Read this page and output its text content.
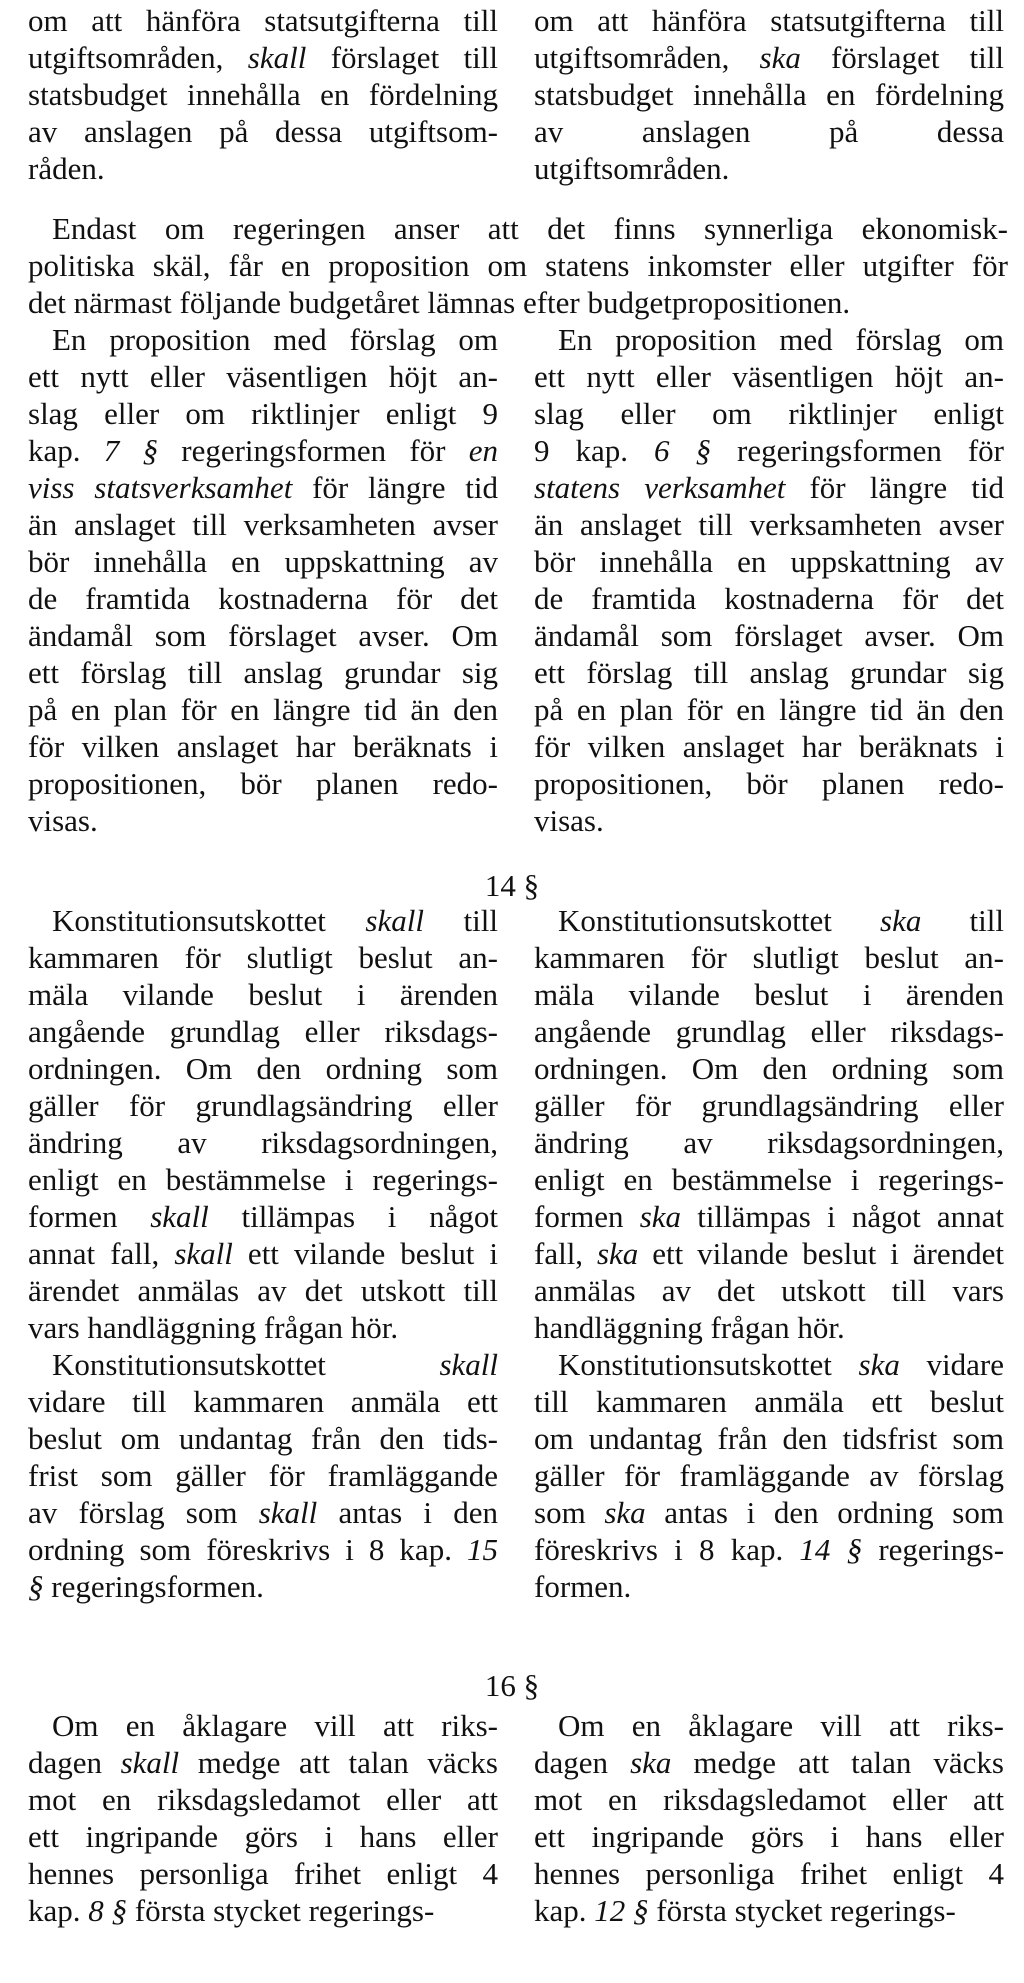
om att hänföra statsutgifterna till

utgiftsområden, skall förslaget till

statsbudget innehålla en fördelning

av anslagen på dessa utgiftsom-

råden.

om att hänföra statsutgifterna till

utgiftsområden, ska förslaget till

statsbudget innehålla en fördelning

av anslagen på dessa

utgiftsområden.

Endast om regeringen anser att det finns synnerliga ekonomisk-

politiska skäl, får en proposition om statens inkomster eller utgifter för

det närmast följande budgetåret lämnas efter budgetpropositionen.

En proposition med förslag om

ett nytt eller väsentligen höjt an-

slag eller om riktlinjer enligt 9

kap. 7 § regeringsformen för en

viss statsverksamhet för längre tid

än anslaget till verksamheten avser

bör innehålla en uppskattning av

de framtida kostnaderna för det

ändamål som förslaget avser. Om

ett förslag till anslag grundar sig

på en plan för en längre tid än den

för vilken anslaget har beräknats i

propositionen, bör planen redo-

visas.

En proposition med förslag om

ett nytt eller väsentligen höjt an-

slag eller om riktlinjer enligt

9 kap. 6 § regeringsformen för

statens verksamhet för längre tid

än anslaget till verksamheten avser

bör innehålla en uppskattning av

de framtida kostnaderna för det

ändamål som förslaget avser. Om

ett förslag till anslag grundar sig

på en plan för en längre tid än den

för vilken anslaget har beräknats i

propositionen, bör planen redo-

visas.

14 §

Konstitutionsutskottet skall till

kammaren för slutligt beslut an-

mäla vilande beslut i ärenden

angående grundlag eller riksdags-

ordningen. Om den ordning som

gäller för grundlagsändring eller

ändring av riksdagsordningen,

enligt en bestämmelse i regerings-

formen skall tillämpas i något

annat fall, skall ett vilande beslut i

ärendet anmälas av det utskott till

vars handläggning frågan hör.

Konstitutionsutskottet skall

vidare till kammaren anmäla ett

beslut om undantag från den tids-

frist som gäller för framläggande

av förslag som skall antas i den

ordning som föreskrivs i 8 kap. 15

§ regeringsformen.

Konstitutionsutskottet ska till

kammaren för slutligt beslut an-

mäla vilande beslut i ärenden

angående grundlag eller riksdags-

ordningen. Om den ordning som

gäller för grundlagsändring eller

ändring av riksdagsordningen,

enligt en bestämmelse i regerings-

formen ska tillämpas i något annat

fall, ska ett vilande beslut i ärendet

anmälas av det utskott till vars

handläggning frågan hör.

Konstitutionsutskottet ska vidare

till kammaren anmäla ett beslut

om undantag från den tidsfrist som

gäller för framläggande av förslag

som ska antas i den ordning som

föreskrivs i 8 kap. 14 § regerings-

formen.

16 §

Om en åklagare vill att riks-

dagen skall medge att talan väcks

mot en riksdagsledamot eller att

ett ingripande görs i hans eller

hennes personliga frihet enligt 4

kap. 8 § första stycket regerings-

Om en åklagare vill att riks-

dagen ska medge att talan väcks

mot en riksdagsledamot eller att

ett ingripande görs i hans eller

hennes personliga frihet enligt 4

kap. 12 § första stycket regerings-
